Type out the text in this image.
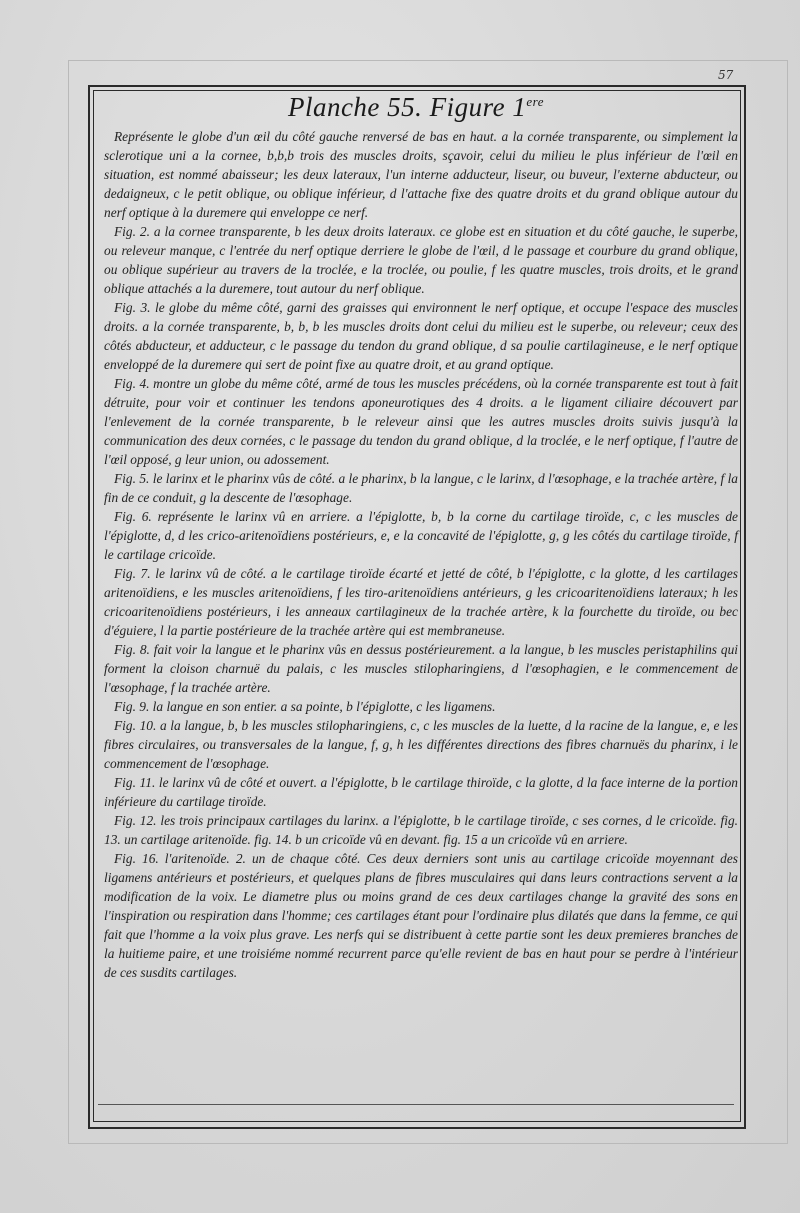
57
Planche 55. Figure 1ere

Représente le globe d'un œil du côté gauche renversé de bas en haut. a la cornée transparente, ou simplement la sclerotique uni a la cornee, b,b,b trois des muscles droits, sçavoir, celui du milieu le plus inférieur de l'œil en situation, est nommé abaisseur; les deux lateraux, l'un interne adducteur, liseur, ou buveur, l'externe abducteur, ou dedaigneux, c le petit oblique, ou oblique inférieur, d l'attache fixe des quatre droits et du grand oblique autour du nerf optique à la duremere qui enveloppe ce nerf.

Fig. 2. a la cornee transparente, b les deux droits lateraux. ce globe est en situation et du côté gauche, le superbe, ou releveur manque, c l'entrée du nerf optique derriere le globe de l'œil, d le passage et courbure du grand oblique, ou oblique supérieur au travers de la troclée, e la troclée, ou poulie, f les quatre muscles, trois droits, et le grand oblique attachés a la duremere, tout autour du nerf oblique.

Fig. 3. le globe du même côté, garni des graisses qui environnent le nerf optique, et occupe l'espace des muscles droits. a la cornée transparente, b, b, b les muscles droits dont celui du milieu est le superbe, ou releveur; ceux des côtés abducteur, et adducteur, c le passage du tendon du grand oblique, d sa poulie cartilagineuse, e le nerf optique enveloppé de la duremere qui sert de point fixe au quatre droit, et au grand optique.

Fig. 4. montre un globe du même côté, armé de tous les muscles précédens, où la cornée transparente est tout à fait détruite, pour voir et continuer les tendons aponeurotiques des 4 droits. a le ligament ciliaire découvert par l'enlevement de la cornée transparente, b le releveur ainsi que les autres muscles droits suivis jusqu'à la communication des deux cornées, c le passage du tendon du grand oblique, d la troclée, e le nerf optique, f l'autre de l'œil opposé, g leur union, ou adossement.

Fig. 5. le larinx et le pharinx vûs de côté. a le pharinx, b la langue, c le larinx, d l'œsophage, e la trachée artère, f la fin de ce conduit, g la descente de l'œsophage.

Fig. 6. représente le larinx vû en arriere. a l'épiglotte, b, b la corne du cartilage tiroïde, c, c les muscles de l'épiglotte, d, d les crico-aritenoïdiens postérieurs, e, e la concavité de l'épiglotte, g, g les côtés du cartilage tiroïde, f le cartilage cricoïde.

Fig. 7. le larinx vû de côté. a le cartilage tiroïde écarté et jetté de côté, b l'épiglotte, c la glotte, d les cartilages aritenoïdiens, e les muscles aritenoïdiens, f les tiro-aritenoïdiens antérieurs, g les cricoaritenoïdiens lateraux; h les cricoaritenoïdiens postérieurs, i les anneaux cartilagineux de la trachée artère, k la fourchette du tiroïde, ou bec d'éguiere, l la partie postérieure de la trachée artère qui est membraneuse.

Fig. 8. fait voir la langue et le pharinx vûs en dessus postérieurement. a la langue, b les muscles peristaphilins qui forment la cloison charnuë du palais, c les muscles stilopharingiens, d l'œsophagien, e le commencement de l'œsophage, f la trachée artère.

Fig. 9. la langue en son entier. a sa pointe, b l'épiglotte, c les ligamens.

Fig. 10. a la langue, b, b les muscles stilopharingiens, c, c les muscles de la luette, d la racine de la langue, e, e les fibres circulaires, ou transversales de la langue, f, g, h les différentes directions des fibres charnuës du pharinx, i le commencement de l'œsophage.

Fig. 11. le larinx vû de côté et ouvert. a l'épiglotte, b le cartilage thiroïde, c la glotte, d la face interne de la portion inférieure du cartilage tiroïde.

Fig. 12. les trois principaux cartilages du larinx. a l'épiglotte, b le cartilage tiroïde, c ses cornes, d le cricoïde. fig. 13. un cartilage aritenoïde. fig. 14. b un cricoïde vû en devant. fig. 15 a un cricoïde vû en arriere.

Fig. 16. l'aritenoïde. 2. un de chaque côté. Ces deux derniers sont unis au cartilage cricoïde moyennant des ligamens antérieurs et postérieurs, et quelques plans de fibres musculaires qui dans leurs contractions servent a la modification de la voix. Le diametre plus ou moins grand de ces deux cartilages change la gravité des sons en l'inspiration ou respiration dans l'homme; ces cartilages étant pour l'ordinaire plus dilatés que dans la femme, ce qui fait que l'homme a la voix plus grave. Les nerfs qui se distribuent à cette partie sont les deux premieres branches de la huitieme paire, et une troisiéme nommé recurrent parce qu'elle revient de bas en haut pour se perdre à l'intérieur de ces susdits cartilages.
